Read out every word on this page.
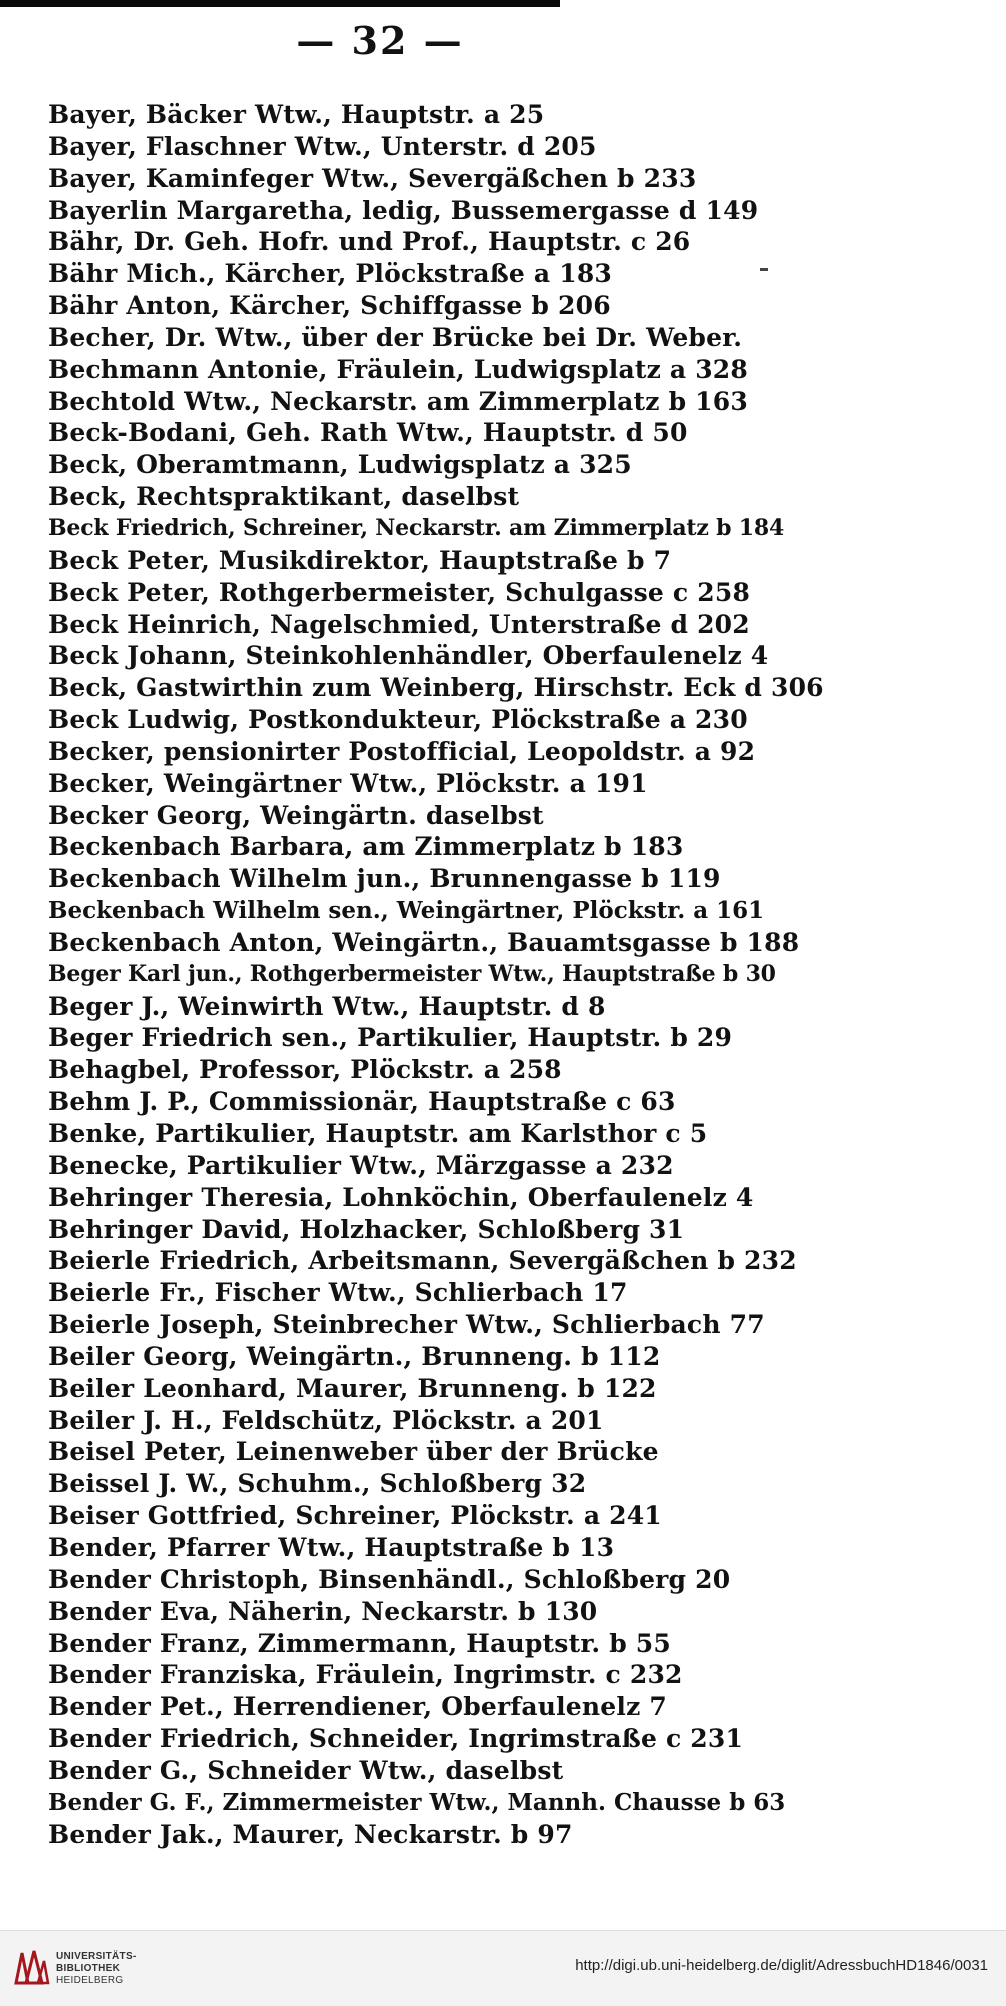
— 32 —
Bayer, Bäcker Wtw., Hauptstr. a 25
Bayer, Flaschner Wtw., Unterstr. d 205
Bayer, Kaminfeger Wtw., Severgäßchen b 233
Bayerlin Margaretha, ledig, Bussemergasse d 149
Bähr, Dr. Geh. Hofr. und Prof., Hauptstr. c 26
Bähr Mich., Kärcher, Plöckstraße a 183
Bähr Anton, Kärcher, Schiffgasse b 206
Becher, Dr. Wtw., über der Brücke bei Dr. Weber.
Bechmann Antonie, Fräulein, Ludwigsplatz a 328
Bechtold Wtw., Neckarstr. am Zimmerplatz b 163
Beck-Bodani, Geh. Rath Wtw., Hauptstr. d 50
Beck, Oberamtmann, Ludwigsplatz a 325
Beck, Rechtspraktikant, daselbst
Beck Friedrich, Schreiner, Neckarstr. am Zimmerplatz b 184
Beck Peter, Musikdirektor, Hauptstraße b 7
Beck Peter, Rothgerbermeister, Schulgasse c 258
Beck Heinrich, Nagelschmied, Unterstraße d 202
Beck Johann, Steinkohlenhändler, Oberfaulenelz 4
Beck, Gastwirthin zum Weinberg, Hirschstr. Eck d 306
Beck Ludwig, Postkondukteur, Plöckstraße a 230
Becker, pensionirter Postofficial, Leopoldstr. a 92
Becker, Weingärtner Wtw., Plöckstr. a 191
Becker Georg, Weingärtn. daselbst
Beckenbach Barbara, am Zimmerplatz b 183
Beckenbach Wilhelm jun., Brunnengasse b 119
Beckenbach Wilhelm sen., Weingärtner, Plöckstr. a 161
Beckenbach Anton, Weingärtn., Bauamtsgasse b 188
Beger Karl jun., Rothgerbermeister Wtw., Hauptstraße b 30
Beger J., Weinwirth Wtw., Hauptstr. d 8
Beger Friedrich sen., Partikulier, Hauptstr. b 29
Behagbel, Professor, Plöckstr. a 258
Behm J. P., Commissionär, Hauptstraße c 63
Benke, Partikulier, Hauptstr. am Karlsthor c 5
Benecke, Partikulier Wtw., Märzgasse a 232
Behringer Theresia, Lohnköchin, Oberfaulenelz 4
Behringer David, Holzhacker, Schloßberg 31
Beierle Friedrich, Arbeitsmann, Severgäßchen b 232
Beierle Fr., Fischer Wtw., Schlierbach 17
Beierle Joseph, Steinbrecher Wtw., Schlierbach 77
Beiler Georg, Weingärtn., Brunneng. b 112
Beiler Leonhard, Maurer, Brunneng. b 122
Beiler J. H., Feldschütz, Plöckstr. a 201
Beisel Peter, Leinenweber über der Brücke
Beissel J. W., Schuhm., Schloßberg 32
Beiser Gottfried, Schreiner, Plöckstr. a 241
Bender, Pfarrer Wtw., Hauptstraße b 13
Bender Christoph, Binsenhändl., Schloßberg 20
Bender Eva, Näherin, Neckarstr. b 130
Bender Franz, Zimmermann, Hauptstr. b 55
Bender Franziska, Fräulein, Ingrimstr. c 232
Bender Pet., Herrendiener, Oberfaulenelz 7
Bender Friedrich, Schneider, Ingrimstraße c 231
Bender G., Schneider Wtw., daselbst
Bender G. F., Zimmermeister Wtw., Mannh. Chausse b 63
Bender Jak., Maurer, Neckarstr. b 97
UNIVERSITÄTS-
BIBLIOTHEK
HEIDELBERG
http://digi.ub.uni-heidelberg.de/diglit/AdressbuchHD1846/0031
